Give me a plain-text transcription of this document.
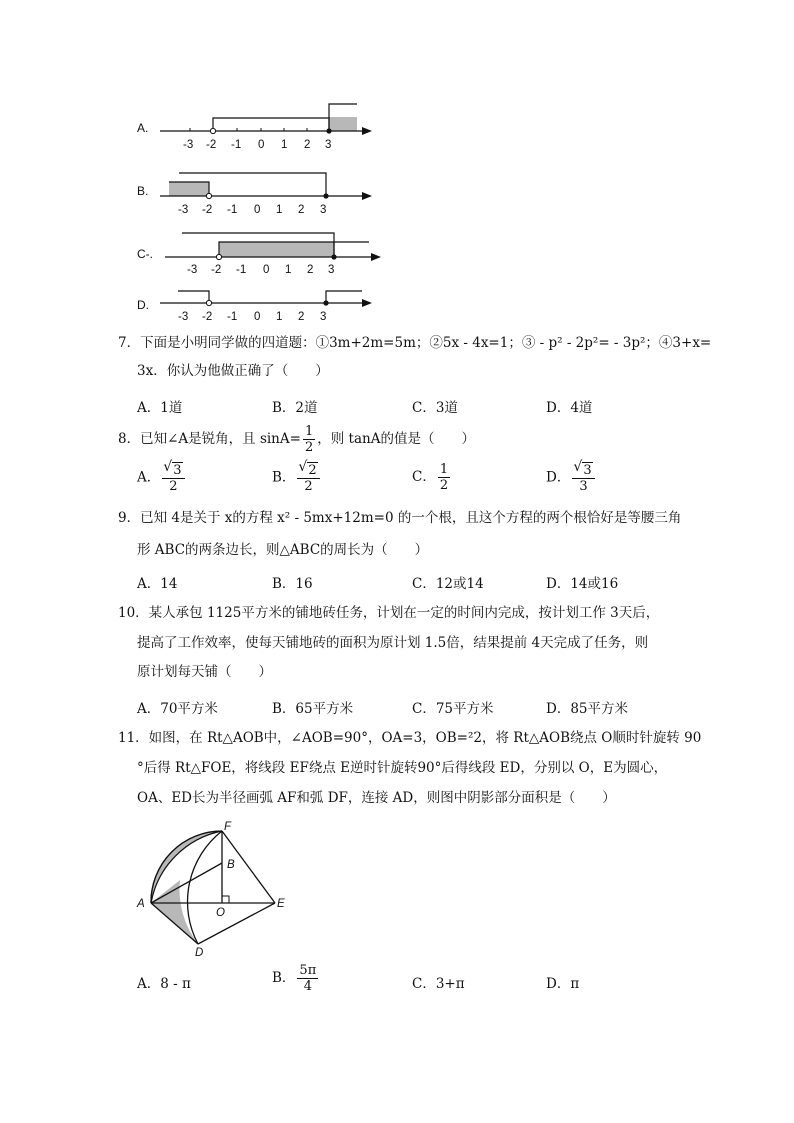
A.
-3 -2 -1 0 1 2 3
B.
-3 -2 -1 0 1 2 3
C-.
-3 -2 -1 0 1 2 3
D.
-3 -2 -1 0 1 2 3
7．下面是小明同学做的四道题：①3m+2m=5m；②5x - 4x=1；③ - p² - 2p²= - 3p²；④3+x=
3x．你认为他做正确了（　　）
A．1道	B．2道	C．3道	D．4道
8．已知∠A是锐角，且 $\sin A= \frac{1}{2}$ ，则 tanA的值是（　　）
A． √ $\frac{3}{2}$	B． √ $\frac{2}{2}$	C． $\frac{1}{2}$	D． √ $\frac{3}{3}$
9．已知 4是关于 x的方程 x² - 5mx+12m=0 的一个根，且这个方程的两个根恰好是等腰三角
形 ABC的两条边长，则△ABC的周长为（　　）
A．14	B．16	C．12或14	D．14或16
10．某人承包 1125平方米的铺地砖任务，计划在一定的时间内完成，按计划工作 3天后，
提高了工作效率，使每天铺地砖的面积为原计划 1.5倍，结果提前 4天完成了任务，则
原计划每天铺（　　）
A．70平方米	B．65平方米	C．75平方米	D．85平方米
11．如图，在 Rt△AOB中，∠AOB=90°，OA=3，OB=²2，将 Rt△AOB绕点 O顺时针旋转 90
°后得 Rt△FOE，将线段 EF绕点 E逆时针旋转90°后得线段 ED，分别以 O，E为圆心，
OA、ED长为半径画弧 AF和弧 DF，连接 AD，则图中阴影部分面积是（　　）
F
B
A
O
E
D
A．8 - π	B． $\frac{5\pi}{4}$	C．3+π	D．π
